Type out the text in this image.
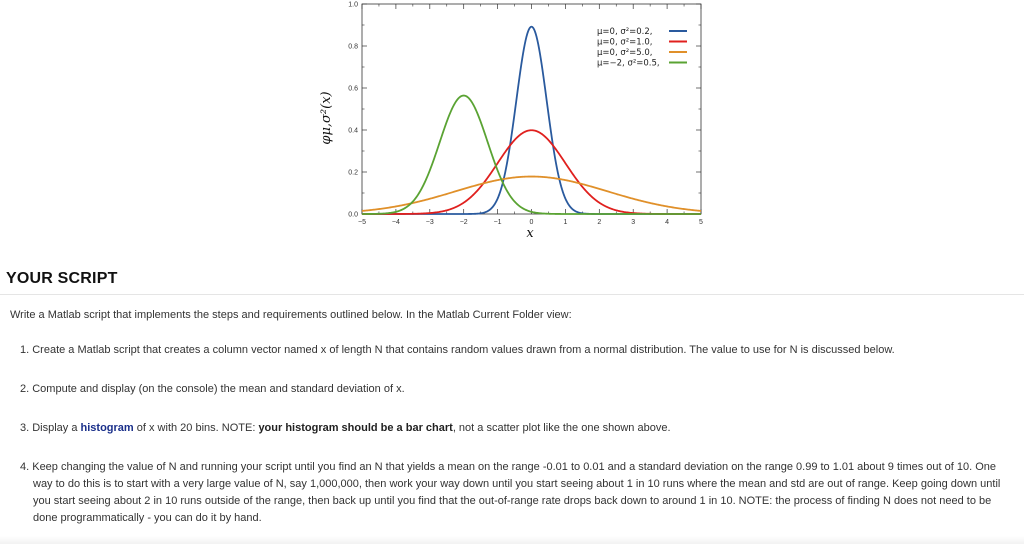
−5	−4	−3	−2	−1	0	1	2	3	4	5
0.0
0.2
0.4
0.6
0.8
1.0
μ=0, σ²=0.2,
μ=0, σ²=1.0,
μ=0, σ²=5.0,
μ=−2, σ²=0.5,
x
φμ,σ²(x)
YOUR SCRIPT
Write a Matlab script that implements the steps and requirements outlined below. In the Matlab Current Folder view:
1. Create a Matlab script that creates a column vector named x of length N that contains random values drawn from a normal distribution. The value to use for N is discussed below.
2. Compute and display (on the console) the mean and standard deviation of x.
3. Display a histogram of x with 20 bins. NOTE: your histogram should be a bar chart, not a scatter plot like the one shown above.
4. Keep changing the value of N and running your script until you find an N that yields a mean on the range -0.01 to 0.01 and a standard deviation on the range 0.99 to 1.01 about 9 times out of 10. One way to do this is to start with a very large value of N, say 1,000,000, then work your way down until you start seeing about 1 in 10 runs where the mean and std are out of range. Keep going down until you start seeing about 2 in 10 runs outside of the range, then back up until you find that the out-of-range rate drops back down to around 1 in 10. NOTE: the process of finding N does not need to be done programmatically - you can do it by hand.
